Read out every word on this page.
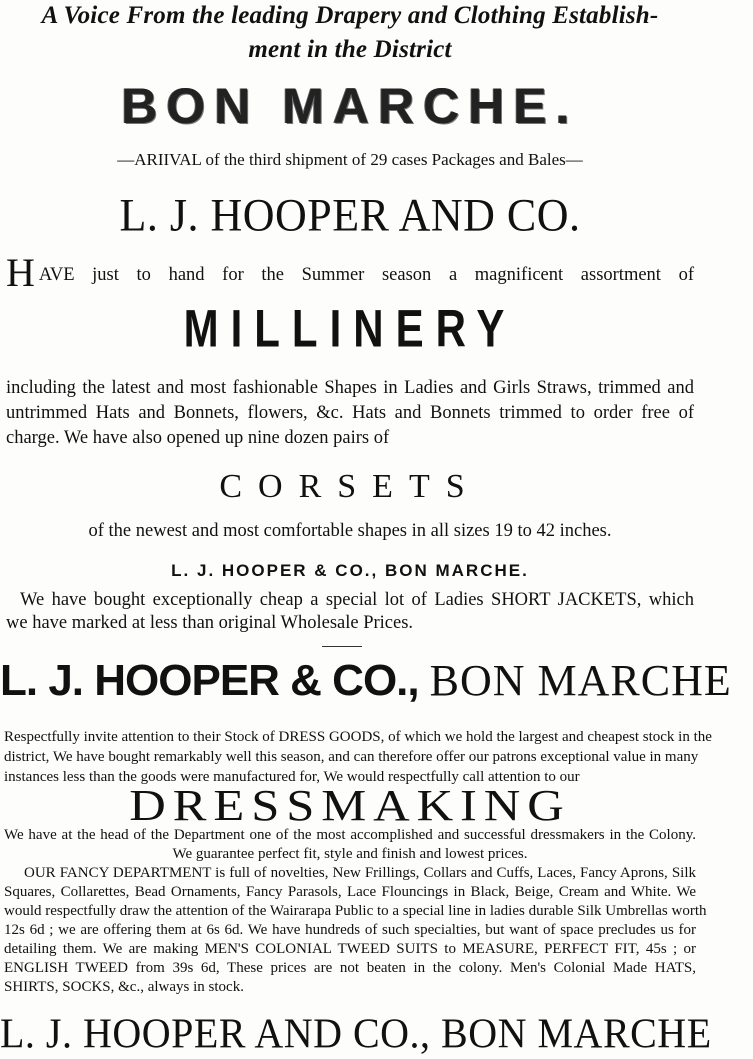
A Voice From the leading Drapery and Clothing Establish-
ment in the District
BON MARCHE.
—ARIIVAL of the third shipment of 29 cases Packages and Bales—
L. J. HOOPER AND CO.
HAVE just to hand for the Summer season a magnificent assortment of
MILLINERY
including the latest and most fashionable Shapes in Ladies and Girls Straws, trimmed and
untrimmed Hats and Bonnets, flowers, &c. Hats and Bonnets trimmed to order free of
charge. We have also opened up nine dozen pairs of
CORSETS
of the newest and most comfortable shapes in all sizes 19 to 42 inches.
L. J. HOOPER & CO., BON MARCHE.
We have bought exceptionally cheap a special lot of Ladies SHORT JACKETS, which
we have marked at less than original Wholesale Prices.
L. J. HOOPER & CO., BON MARCHE
Respectfully invite attention to their Stock of DRESS GOODS, of which we hold the largest and cheapest stock in the
district, We have bought remarkably well this season, and can therefore offer our patrons exceptional value in many
instances less than the goods were manufactured for, We would respectfully call attention to our
DRESSMAKING
We have at the head of the Department one of the most accomplished and successful dressmakers in the Colony.
We guarantee perfect fit, style and finish and lowest prices.
OUR FANCY DEPARTMENT is full of novelties, New Frillings, Collars and Cuffs, Laces, Fancy Aprons, Silk
Squares, Collarettes, Bead Ornaments, Fancy Parasols, Lace Flouncings in Black, Beige, Cream and White. We
would respectfully draw the attention of the Wairarapa Public to a special line in ladies durable Silk Umbrellas worth
12s 6d ; we are offering them at 6s 6d. We have hundreds of such specialties, but want of space precludes us for
detailing them. We are making MEN'S COLONIAL TWEED SUITS to MEASURE, PERFECT FIT, 45s ; or
ENGLISH TWEED from 39s 6d, These prices are not beaten in the colony. Men's Colonial Made HATS,
SHIRTS, SOCKS, &c., always in stock.
L. J. HOOPER AND CO., BON MARCHE
